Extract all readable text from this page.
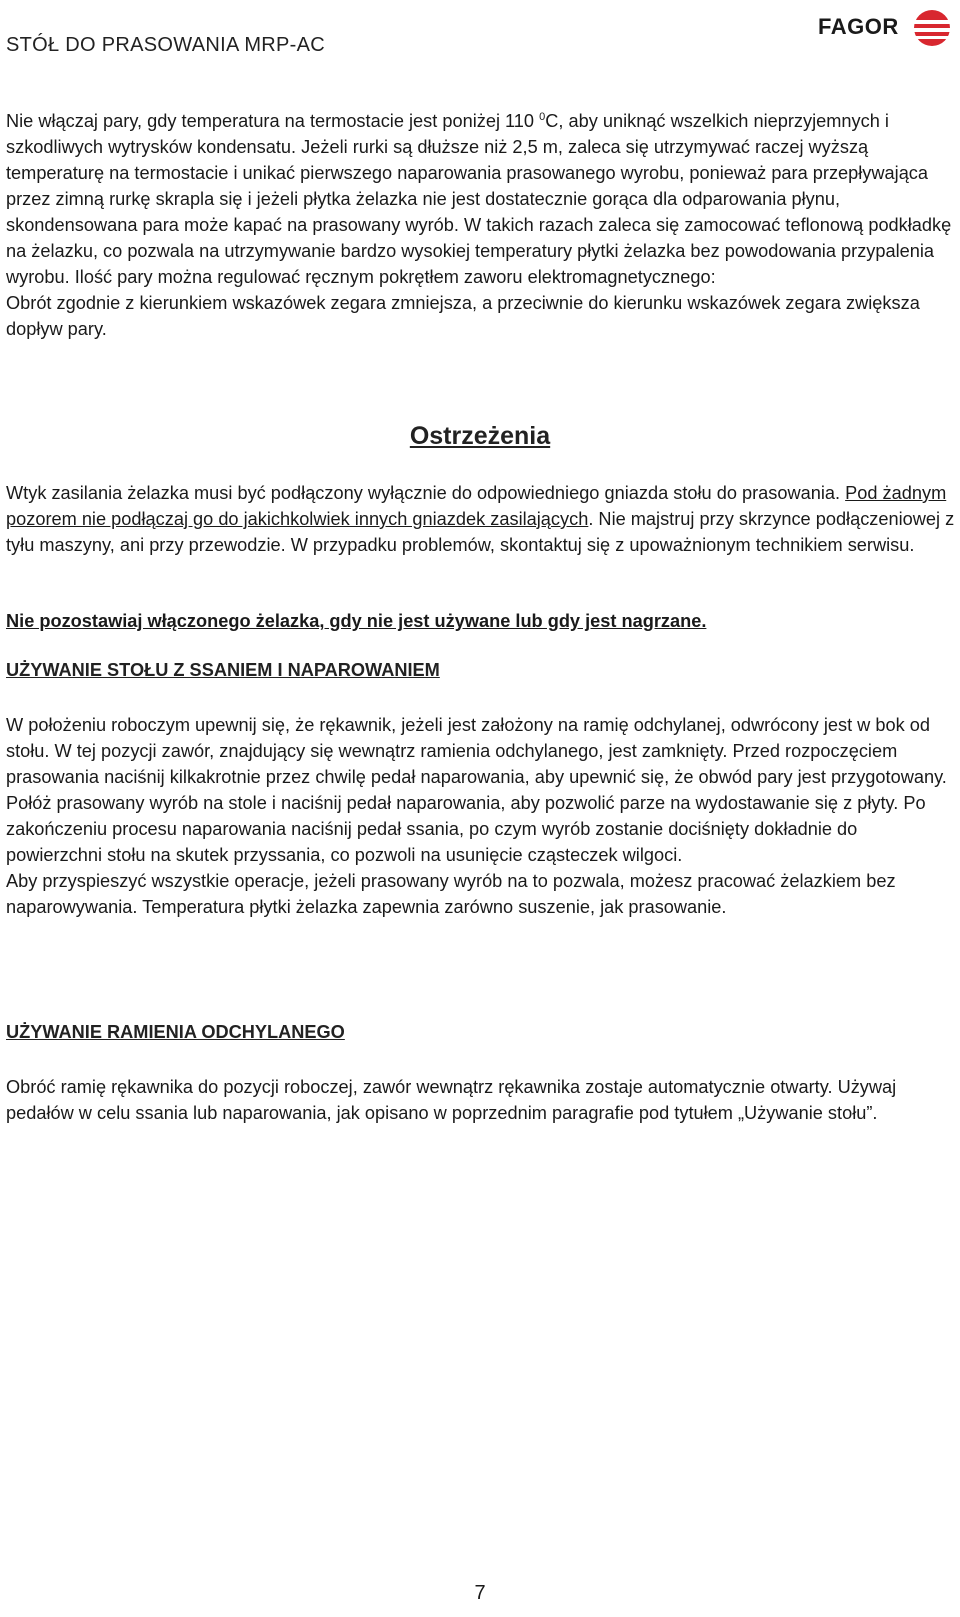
STÓŁ DO PRASOWANIA MRP-AC
FAGOR

Nie włączaj pary, gdy temperatura na termostacie jest poniżej 110 $^0$C, aby uniknąć wszelkich nieprzyjemnych i szkodliwych wytrysków kondensatu. Jeżeli rurki są dłuższe niż 2,5 m, zaleca się utrzymywać raczej wyższą temperaturę na termostacie i unikać pierwszego naparowania prasowanego wyrobu, ponieważ para przepływająca przez zimną rurkę skrapla się i jeżeli płytka żelazka nie jest dostatecznie gorąca dla odparowania płynu, skondensowana para może kapać na prasowany wyrób. W takich razach zaleca się zamocować teflonową podkładkę na żelazku, co pozwala na utrzymywanie bardzo wysokiej temperatury płytki żelazka bez powodowania przypalenia wyrobu. Ilość pary można regulować ręcznym pokrętłem zaworu elektromagnetycznego:

Obrót zgodnie z kierunkiem wskazówek zegara zmniejsza, a przeciwnie do kierunku wskazówek zegara zwiększa dopływ pary.

Ostrzeżenia

Wtyk zasilania żelazka musi być podłączony wyłącznie do odpowiedniego gniazda stołu do prasowania. Pod żadnym pozorem nie podłączaj go do jakichkolwiek innych gniazdek zasilających. Nie majstruj przy skrzynce podłączeniowej z tyłu maszyny, ani przy przewodzie. W przypadku problemów, skontaktuj się z upoważnionym technikiem serwisu.

Nie pozostawiaj włączonego żelazka, gdy nie jest używane lub gdy jest nagrzane.
UŻYWANIE STOŁU Z SSANIEM I NAPAROWANIEM

W położeniu roboczym upewnij się, że rękawnik, jeżeli jest założony na ramię odchylanej, odwrócony jest w bok od stołu. W tej pozycji zawór, znajdujący się wewnątrz ramienia odchylanego, jest zamknięty. Przed rozpoczęciem prasowania naciśnij kilkakrotnie przez chwilę pedał naparowania, aby upewnić się, że obwód pary jest przygotowany. Połóż prasowany wyrób na stole i naciśnij pedał naparowania, aby pozwolić parze na wydostawanie się z płyty. Po zakończeniu procesu naparowania naciśnij pedał ssania, po czym wyrób zostanie dociśnięty dokładnie do powierzchni stołu na skutek przyssania, co pozwoli na usunięcie cząsteczek wilgoci.

Aby przyspieszyć wszystkie operacje, jeżeli prasowany wyrób na to pozwala, możesz pracować żelazkiem bez naparowywania. Temperatura płytki żelazka zapewnia zarówno suszenie, jak prasowanie.

UŻYWANIE RAMIENIA ODCHYLANEGO
Obróć ramię rękawnika do pozycji roboczej, zawór wewnątrz rękawnika zostaje automatycznie otwarty. Używaj pedałów w celu ssania lub naparowania, jak opisano w poprzednim paragrafie pod tytułem „Używanie stołu”.
7
